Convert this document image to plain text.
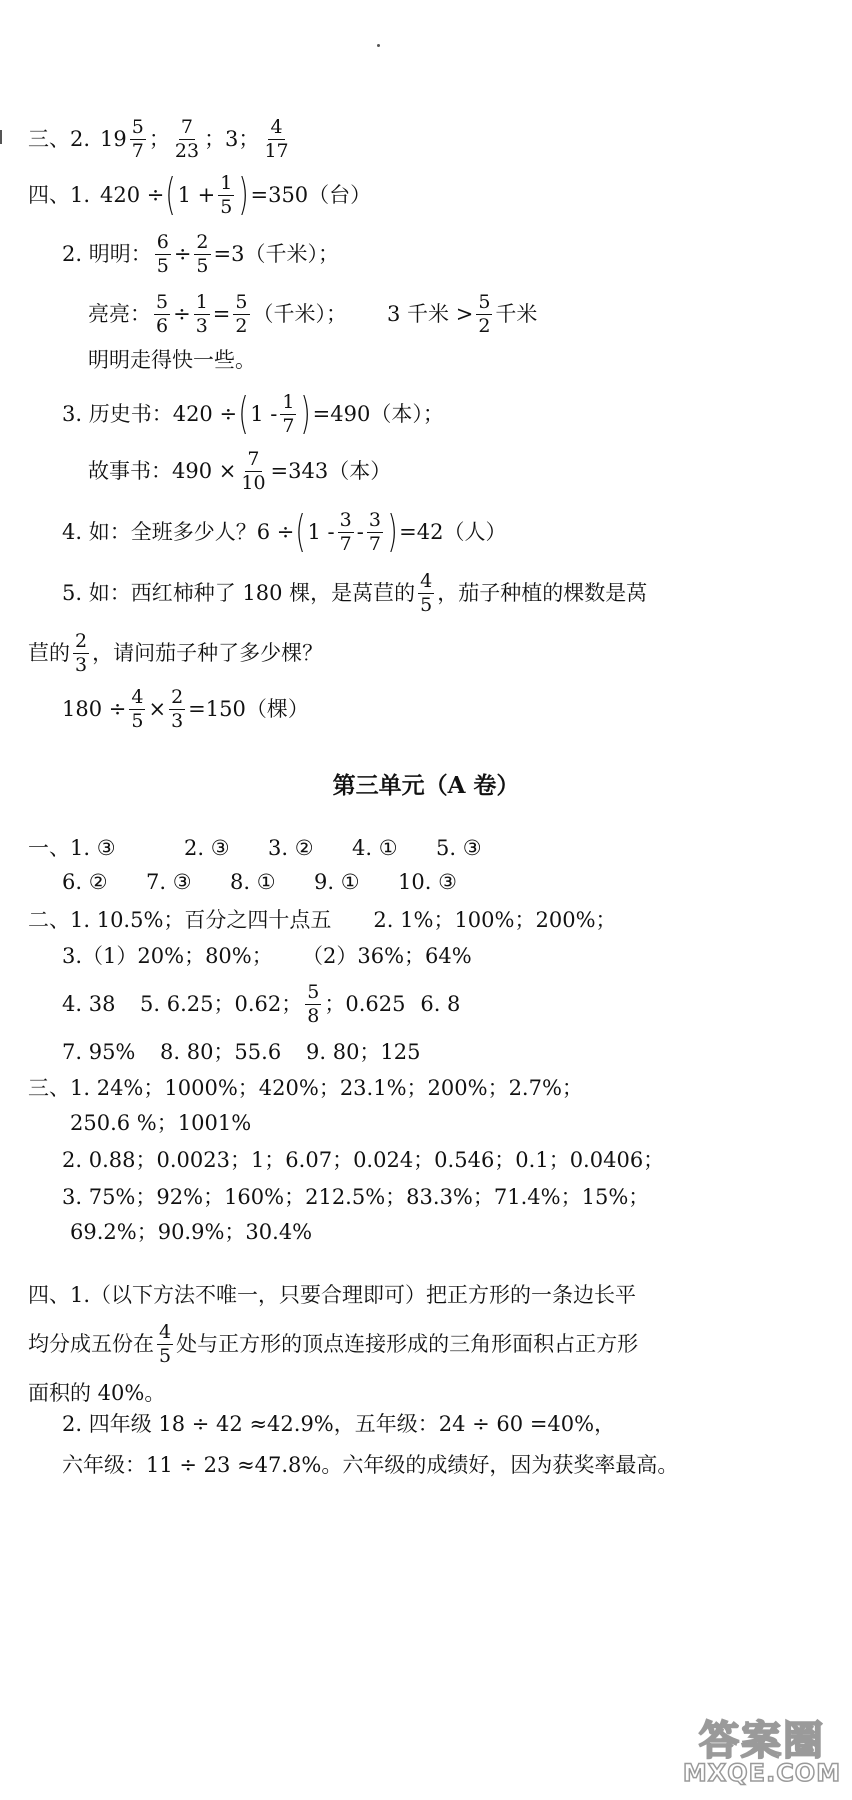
三、2. $19 \frac{5}{7}$ ； $\frac{7}{23}$ ；3； $\frac{4}{17}$
四、1. 420 ÷ ( $1 + \frac{1}{5}$ ) =350（台）
2. 明明： $\frac{6}{5} \div \frac{2}{5} =3$（千米）；
亮亮： $\frac{5}{6} \div \frac{1}{3} = \frac{5}{2}$ （千米）； 3 千米 > $\frac{5}{2}$ 千米
明明走得快一些。
3. 历史书：420 ÷ ( $1 - \frac{1}{7}$ ) =490（本）；
故事书：$490 \times \frac{7}{10} =343$（本）
4. 如：全班多少人？6 ÷ ( $1 - \frac{3}{7} - \frac{3}{7}$ ) =42（人）
5. 如：西红柿种了 180 棵，是莴苣的 $\frac{4}{5}$ ，茄子种植的棵数是莴
苣的 $\frac{2}{3}$ ，请问茄子种了多少棵？
$180 \div \frac{4}{5} \times \frac{2}{3} =150$（棵）
第三单元（A 卷）
一、 1. ③	2. ③	3. ②	4. ①	5. ③
6. ②	7. ③	8. ①	9. ①	10. ③
二、1. 10.5%；百分之四十点五　　2. 1%；100%；200%；
3.（1）20%；80%；	（2）36%；64%
4. 38	5. 6.25；0.62； $\frac{5}{8}$ ；0.625 6. 8
7. 95%	8. 80；55.6	9. 80；125
三、1. 24%；1000%；420%；23.1%；200%；2.7%；
250.6 %；1001%
2. 0.88；0.0023；1；6.07；0.024；0.546；0.1；0.0406；
3. 75%；92%；160%；212.5%；83.3%；71.4%；15%；
69.2%；90.9%；30.4%
四、1.（以下方法不唯一，只要合理即可）把正方形的一条边长平
均分成五份在 $\frac{4}{5}$ 处与正方形的顶点连接形成的三角形面积占正方形
面积的 40%。
2. 四年级 18 ÷ 42 ≈42.9%，五年级：24 ÷ 60 =40%，
六年级：11 ÷ 23 ≈47.8%。六年级的成绩好，因为获奖率最高。
答案圈
MXQE.COM
